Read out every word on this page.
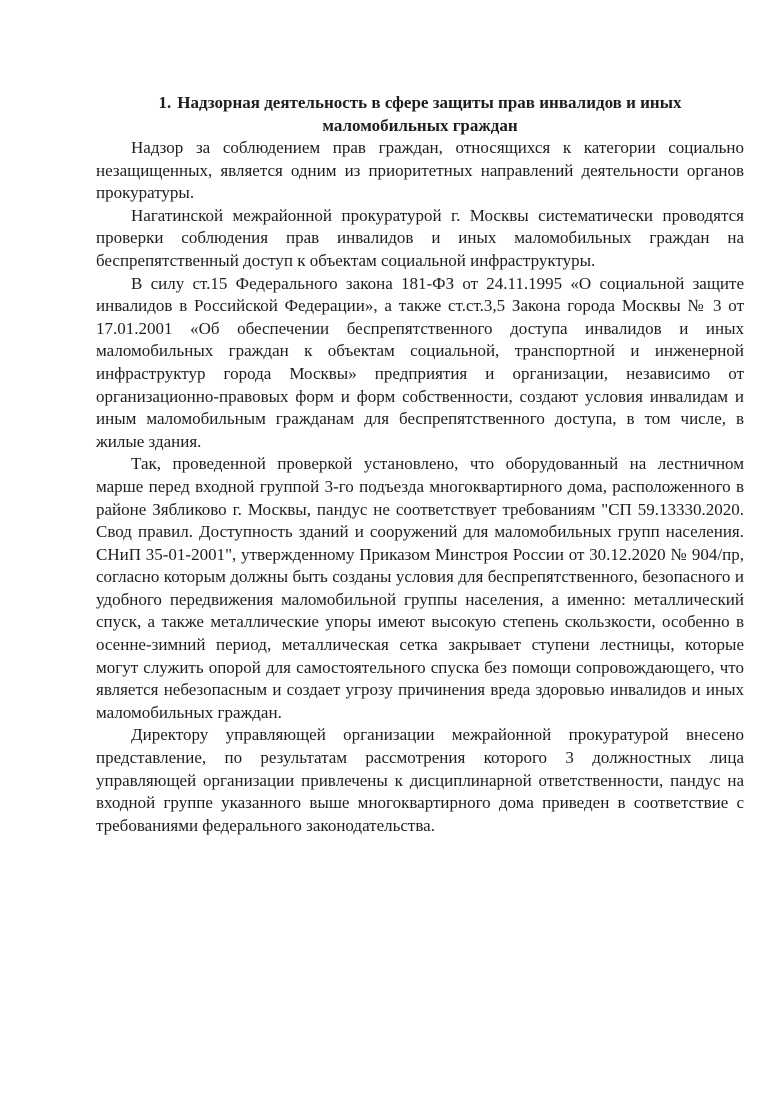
1. Надзорная деятельность в сфере защиты прав инвалидов и иных маломобильных граждан

Надзор за соблюдением прав граждан, относящихся к категории социально незащищенных, является одним из приоритетных направлений деятельности органов прокуратуры.

Нагатинской межрайонной прокуратурой г. Москвы систематически проводятся проверки соблюдения прав инвалидов и иных маломобильных граждан на беспрепятственный доступ к объектам социальной инфраструктуры.

В силу ст.15 Федерального закона 181-ФЗ от 24.11.1995 «О социальной защите инвалидов в Российской Федерации», а также ст.ст.3,5 Закона города Москвы № 3 от 17.01.2001 «Об обеспечении беспрепятственного доступа инвалидов и иных маломобильных граждан к объектам социальной, транспортной и инженерной инфраструктур города Москвы» предприятия и организации, независимо от организационно-правовых форм и форм собственности, создают условия инвалидам и иным маломобильным гражданам для беспрепятственного доступа, в том числе, в жилые здания.

Так, проведенной проверкой установлено, что оборудованный на лестничном марше перед входной группой 3-го подъезда многоквартирного дома, расположенного в районе Зябликово г. Москвы, пандус не соответствует требованиям "СП 59.13330.2020. Свод правил. Доступность зданий и сооружений для маломобильных групп населения. СНиП 35-01-2001", утвержденному Приказом Минстроя России от 30.12.2020 № 904/пр, согласно которым должны быть созданы условия для беспрепятственного, безопасного и удобного передвижения маломобильной группы населения, а именно: металлический спуск, а также металлические упоры имеют высокую степень скользкости, особенно в осенне-зимний период, металлическая сетка закрывает ступени лестницы, которые могут служить опорой для самостоятельного спуска без помощи сопровождающего, что является небезопасным и создает угрозу причинения вреда здоровью инвалидов и иных маломобильных граждан.

Директору управляющей организации межрайонной прокуратурой внесено представление, по результатам рассмотрения которого 3 должностных лица управляющей организации привлечены к дисциплинарной ответственности, пандус на входной группе указанного выше многоквартирного дома приведен в соответствие с требованиями федерального законодательства.
